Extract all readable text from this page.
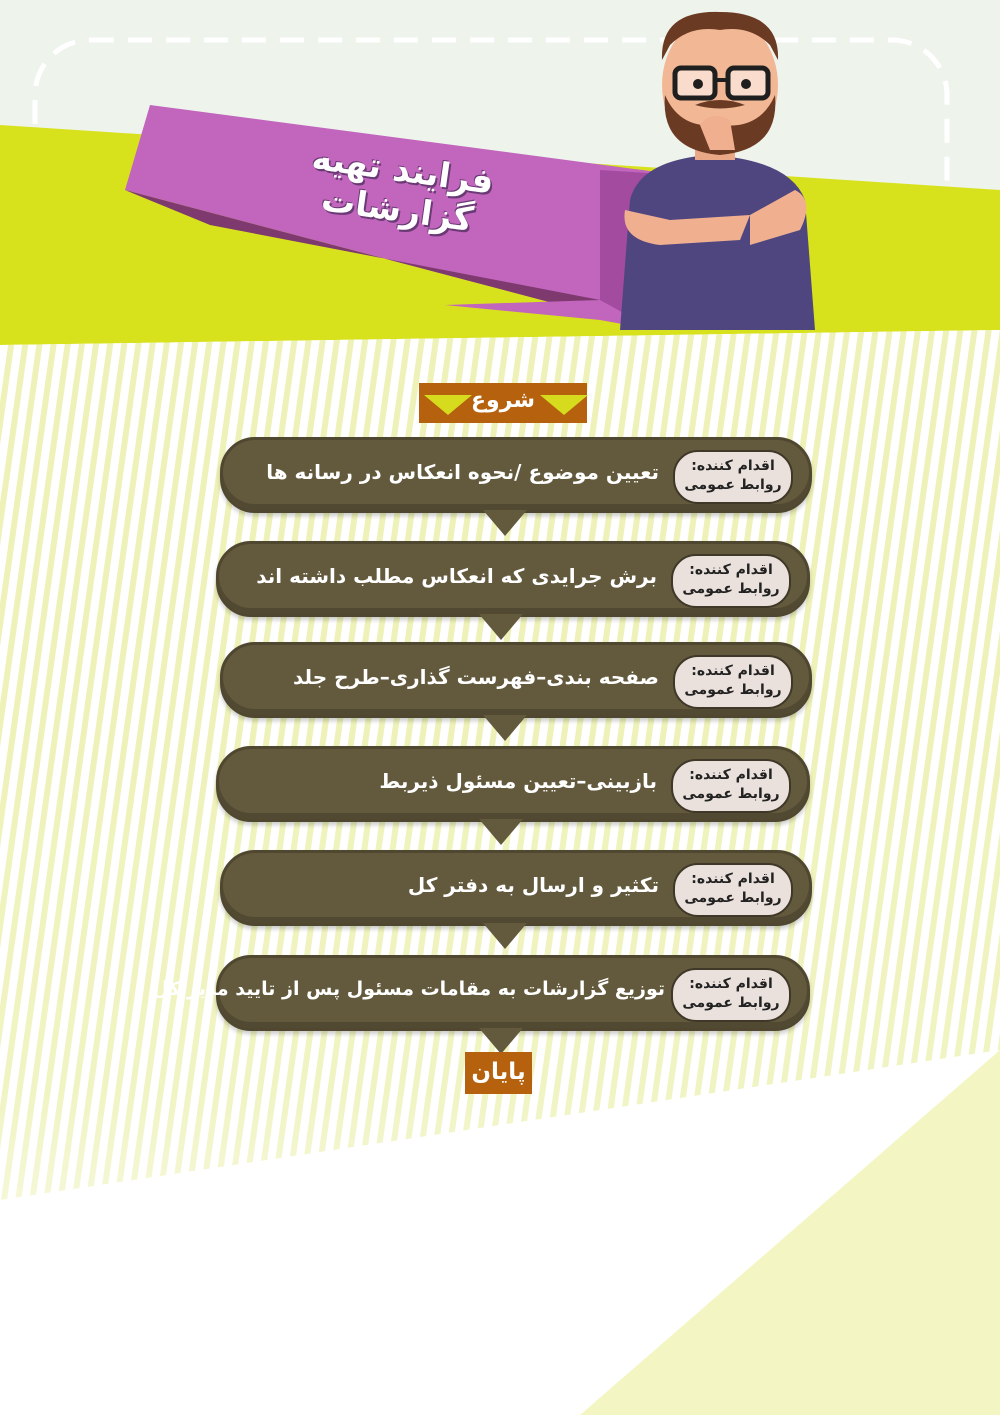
فرایند تهیه گزارشات
شروع
اقدام کننده:
روابط عمومی
تعیین موضوع /نحوه انعکاس در رسانه ها
اقدام کننده:
روابط عمومی
برش جرایدی که انعکاس مطلب داشته اند
اقدام کننده:
روابط عمومی
صفحه بندی–فهرست گذاری–طرح جلد
اقدام کننده:
روابط عمومی
بازبینی–تعیین مسئول ذیربط
اقدام کننده:
روابط عمومی
تکثیر و ارسال به دفتر کل
اقدام کننده:
روابط عمومی
توزیع گزارشات به مقامات مسئول پس از تایید مدیر کل
پایان
